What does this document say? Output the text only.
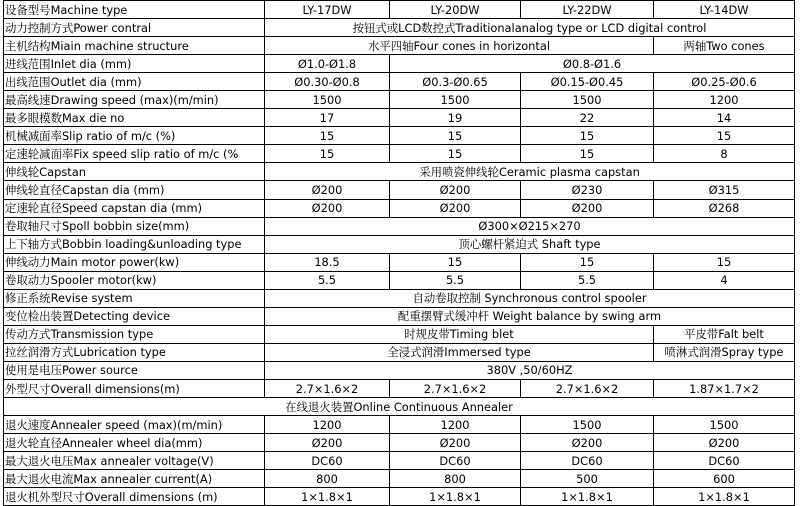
设备型号Machine type	LY-17DW	LY-20DW	LY-22DW	LY-14DW
动力控制方式Power contral	按钮式或LCD数控式Traditionalanalog type or LCD digital control			
主机结构Miain machine structure	水平四轴Four cones in horizontal			两轴Two cones
进线范围Inlet dia (mm)	Ø1.0-Ø1.8	Ø0.8-Ø1.6		
出线范围Outlet dia (mm)	Ø0.30-Ø0.8	Ø0.3-Ø0.65	Ø0.15-Ø0.45	Ø0.25-Ø0.6
最高线速Drawing speed (max)(m/min)	1500	1500	1500	1200
最多眼模数Max die no	17	19	22	14
机械减面率Slip ratio of m/c (%)	15	15	15	15
定速轮减面率Fix speed slip ratio of m/c (%	15	15	15	8
伸线轮Capstan	采用喷瓷伸线轮Ceramic plasma capstan			
伸线轮直径Capstan dia (mm)	Ø200	Ø200	Ø230	Ø315
定速轮直径Speed capstan dia (mm)	Ø200	Ø200	Ø200	Ø268
卷取轴尺寸Spoll bobbin size(mm)	Ø300×Ø215×270			
上下轴方式Bobbin loading&unloading type	顶心螺杆紧迫式 Shaft type			
伸线动力Main motor power(kw)	18.5	15	15	15
卷取动力Spooler motor(kw)	5.5	5.5	5.5	4
修正系统Revise system	自动卷取控制 Synchronous control spooler			
变位检出装置Detecting device	配重摆臂式缓冲杆 Weight balance by swing arm			
传动方式Transmission type	时规皮带Timing blet			平皮带Falt belt
拉丝润滑方式Lubrication type	全浸式润滑Immersed type			喷淋式润滑Spray type
使用是电压Power source	380V ,50/60HZ			
外型尺寸Overall dimensions(m)	2.7×1.6×2	2.7×1.6×2	2.7×1.6×2	1.87×1.7×2
在线退火装置Online Continuous Annealer				
退火速度Annealer speed (max)(m/min)	1200	1200	1500	1500
退火轮直径Annealer wheel dia(mm)	Ø200	Ø200	Ø200	Ø200
最大退火电压Max annealer voltage(V)	DC60	DC60	DC60	DC60
最大退火电流Max annealer current(A)	800	800	500	600
退火机外型尺寸Overall dimensions (m)	1×1.8×1	1×1.8×1	1×1.8×1	1×1.8×1
